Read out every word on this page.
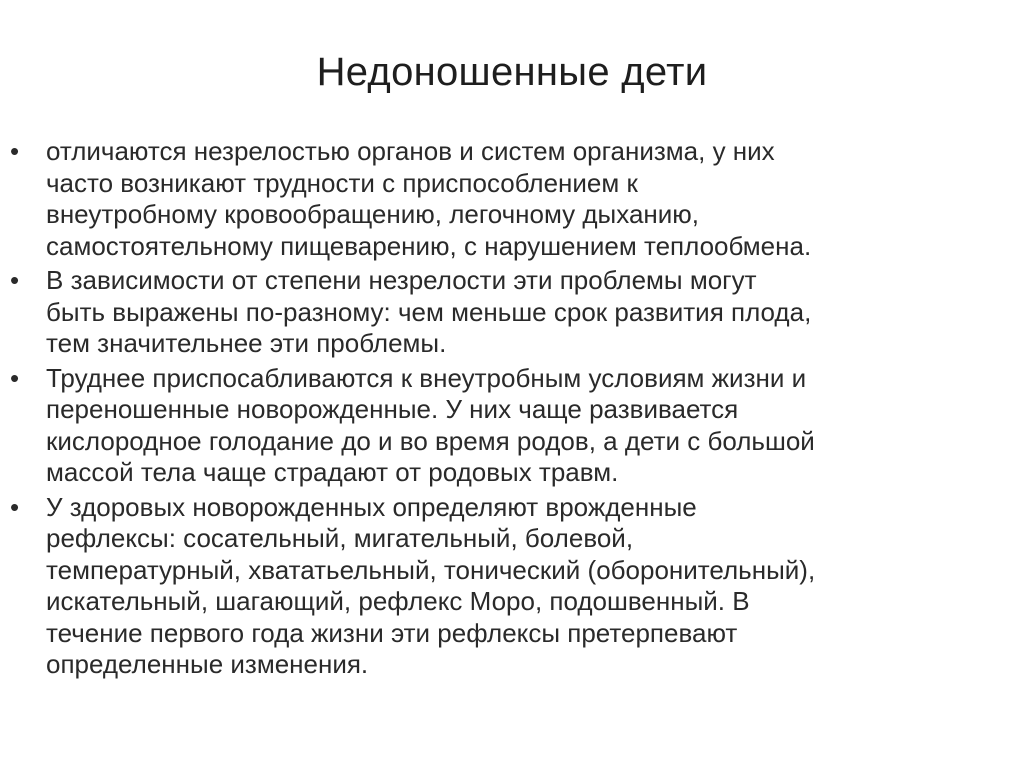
Недоношенные дети
• отличаются незрелостью органов и систем организма, у них
часто возникают трудности с приспособлением к
внеутробному кровообращению, легочному дыханию,
самостоятельному пищеварению, с нарушением теплообмена.
• В зависимости от степени незрелости эти проблемы могут
быть выражены по-разному: чем меньше срок развития плода,
тем значительнее эти проблемы.
• Труднее приспосабливаются к внеутробным условиям жизни и
переношенные новорожденные. У них чаще развивается
кислородное голодание до и во время родов, а дети с большой
массой тела чаще страдают от родовых травм.
• У здоровых новорожденных определяют врожденные
рефлексы: сосательный, мигательный, болевой,
температурный, хвататьельный, тонический (оборонительный),
искательный, шагающий, рефлекс Моро, подошвенный. В
течение первого года жизни эти рефлексы претерпевают
определенные изменения.
